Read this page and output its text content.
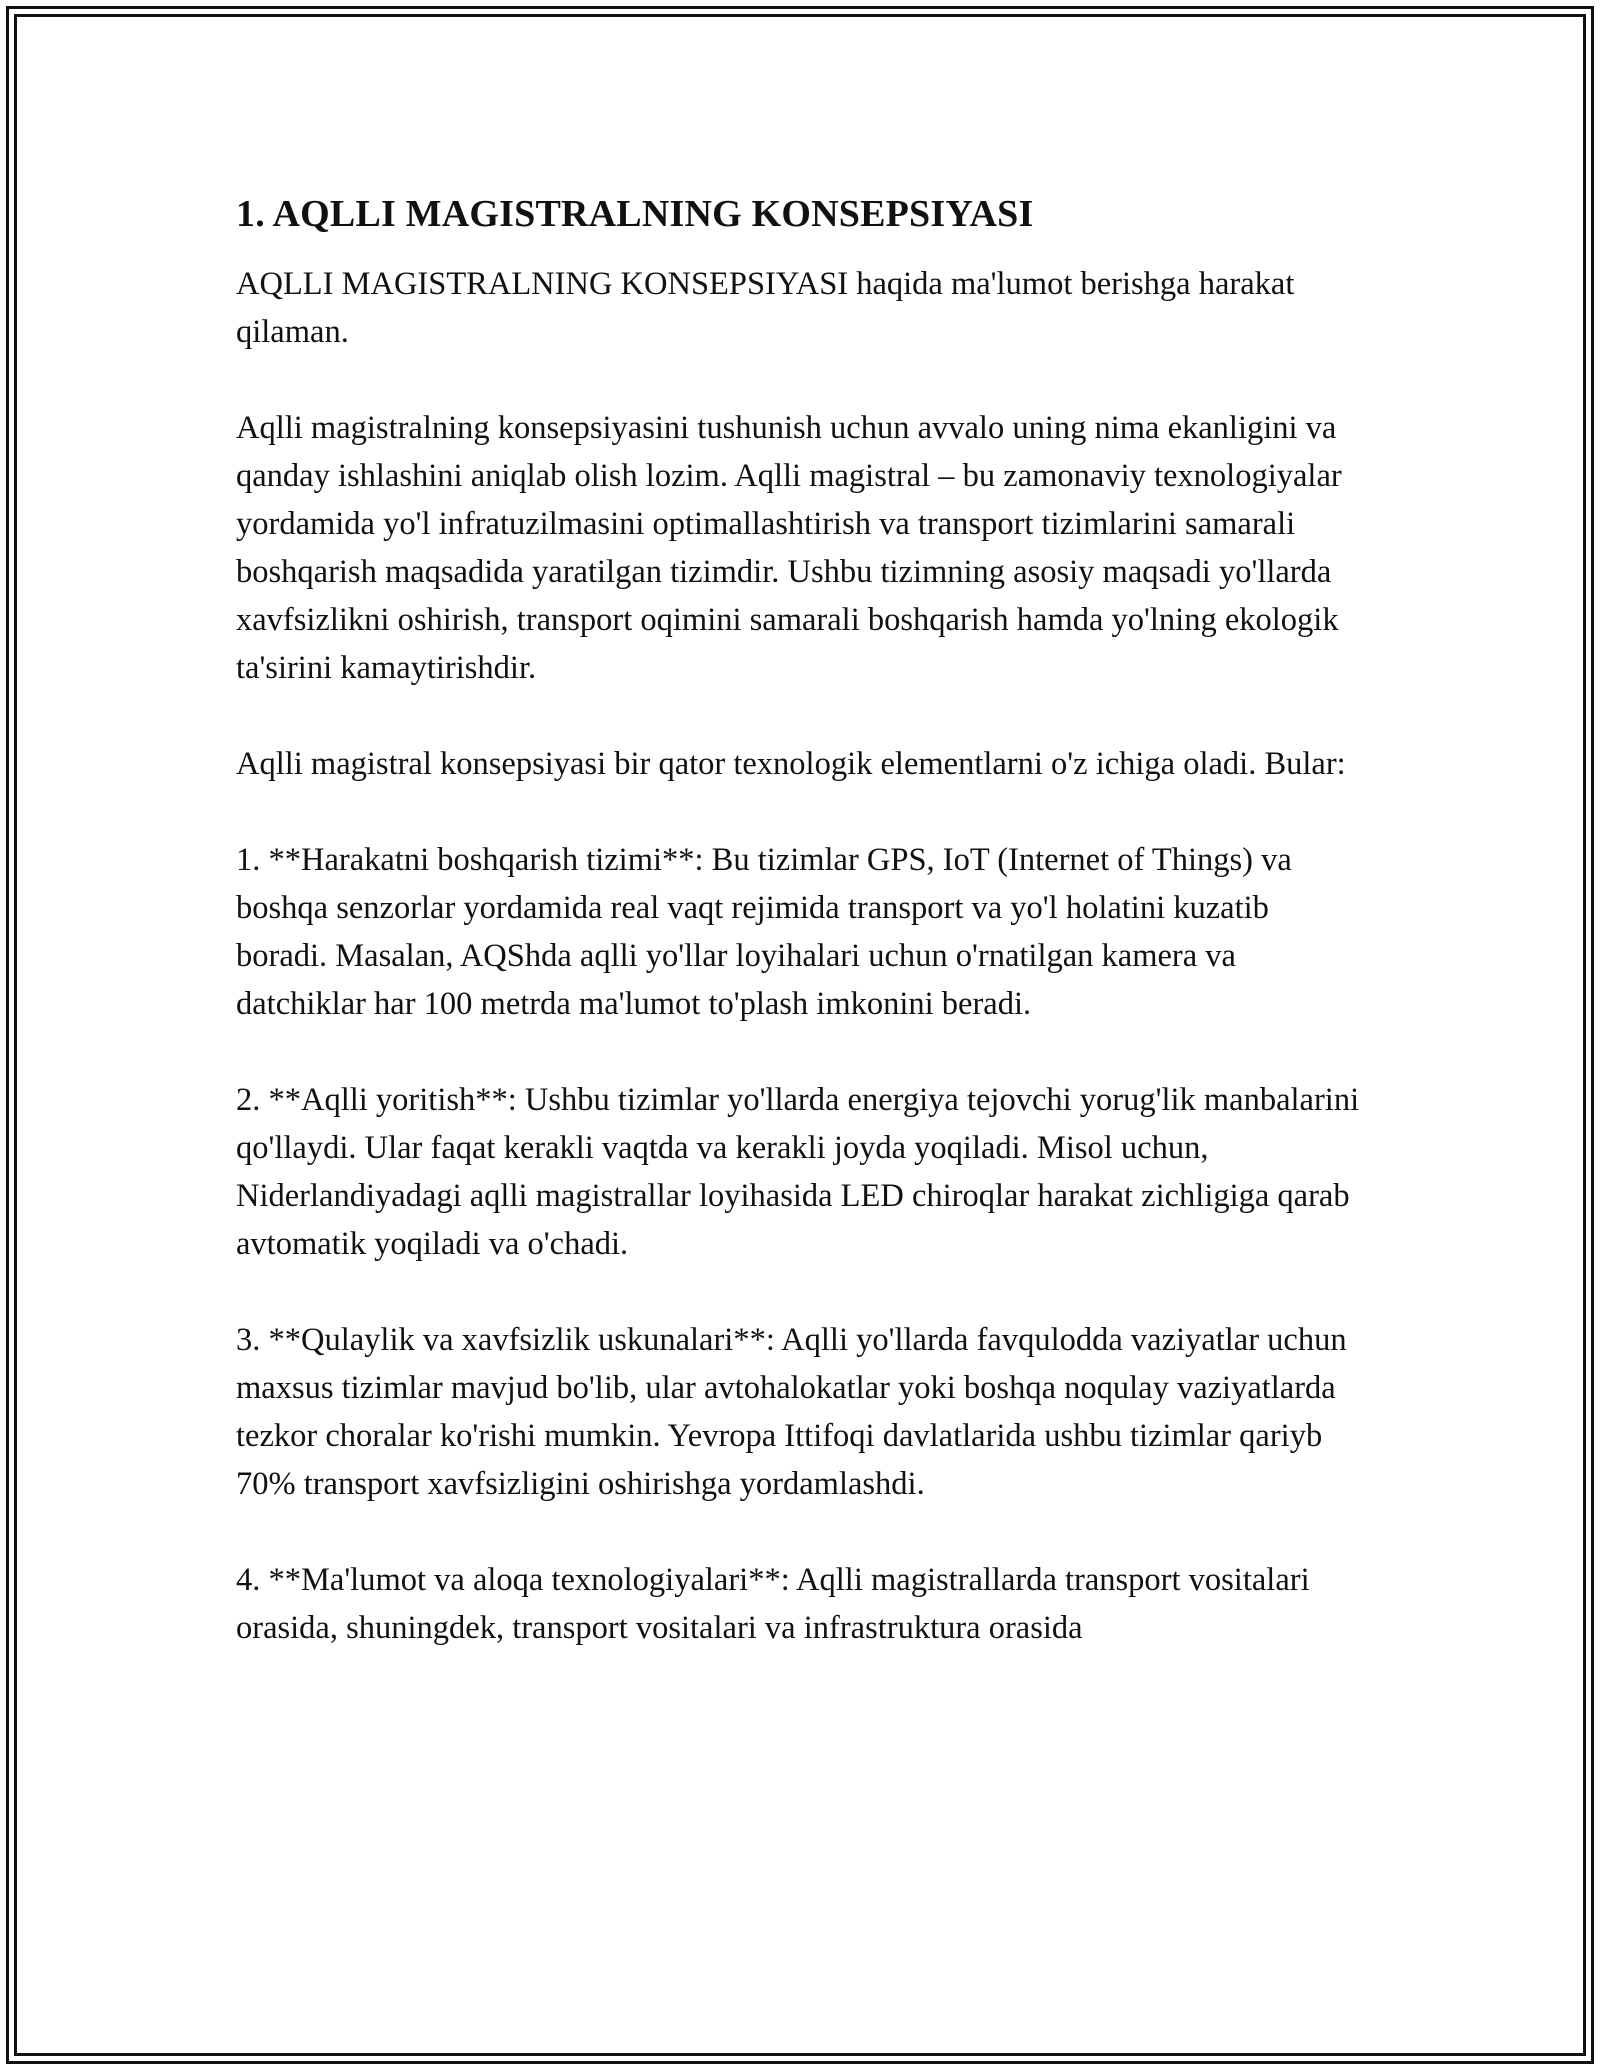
1. AQLLI MAGISTRALNING KONSEPSIYASI

AQLLI MAGISTRALNING KONSEPSIYASI haqida ma'lumot berishga harakat qilaman.

Aqlli magistralning konsepsiyasini tushunish uchun avvalo uning nima ekanligini va qanday ishlashini aniqlab olish lozim. Aqlli magistral – bu zamonaviy texnologiyalar yordamida yo'l infratuzilmasini optimallashtirish va transport tizimlarini samarali boshqarish maqsadida yaratilgan tizimdir. Ushbu tizimning asosiy maqsadi yo'llarda xavfsizlikni oshirish, transport oqimini samarali boshqarish hamda yo'lning ekologik ta'sirini kamaytirishdir.

Aqlli magistral konsepsiyasi bir qator texnologik elementlarni o'z ichiga oladi. Bular:

1. **Harakatni boshqarish tizimi**: Bu tizimlar GPS, IoT (Internet of Things) va boshqa senzorlar yordamida real vaqt rejimida transport va yo'l holatini kuzatib boradi. Masalan, AQShda aqlli yo'llar loyihalari uchun o'rnatilgan kamera va datchiklar har 100 metrda ma'lumot to'plash imkonini beradi.

2. **Aqlli yoritish**: Ushbu tizimlar yo'llarda energiya tejovchi yorug'lik manbalarini qo'llaydi. Ular faqat kerakli vaqtda va kerakli joyda yoqiladi. Misol uchun, Niderlandiyadagi aqlli magistrallar loyihasida LED chiroqlar harakat zichligiga qarab avtomatik yoqiladi va o'chadi.

3. **Qulaylik va xavfsizlik uskunalari**: Aqlli yo'llarda favqulodda vaziyatlar uchun maxsus tizimlar mavjud bo'lib, ular avtohalokatlar yoki boshqa noqulay vaziyatlarda tezkor choralar ko'rishi mumkin. Yevropa Ittifoqi davlatlarida ushbu tizimlar qariyb 70% transport xavfsizligini oshirishga yordamlashdi.

4. **Ma'lumot va aloqa texnologiyalari**: Aqlli magistrallarda transport vositalari orasida, shuningdek, transport vositalari va infrastruktura orasida
